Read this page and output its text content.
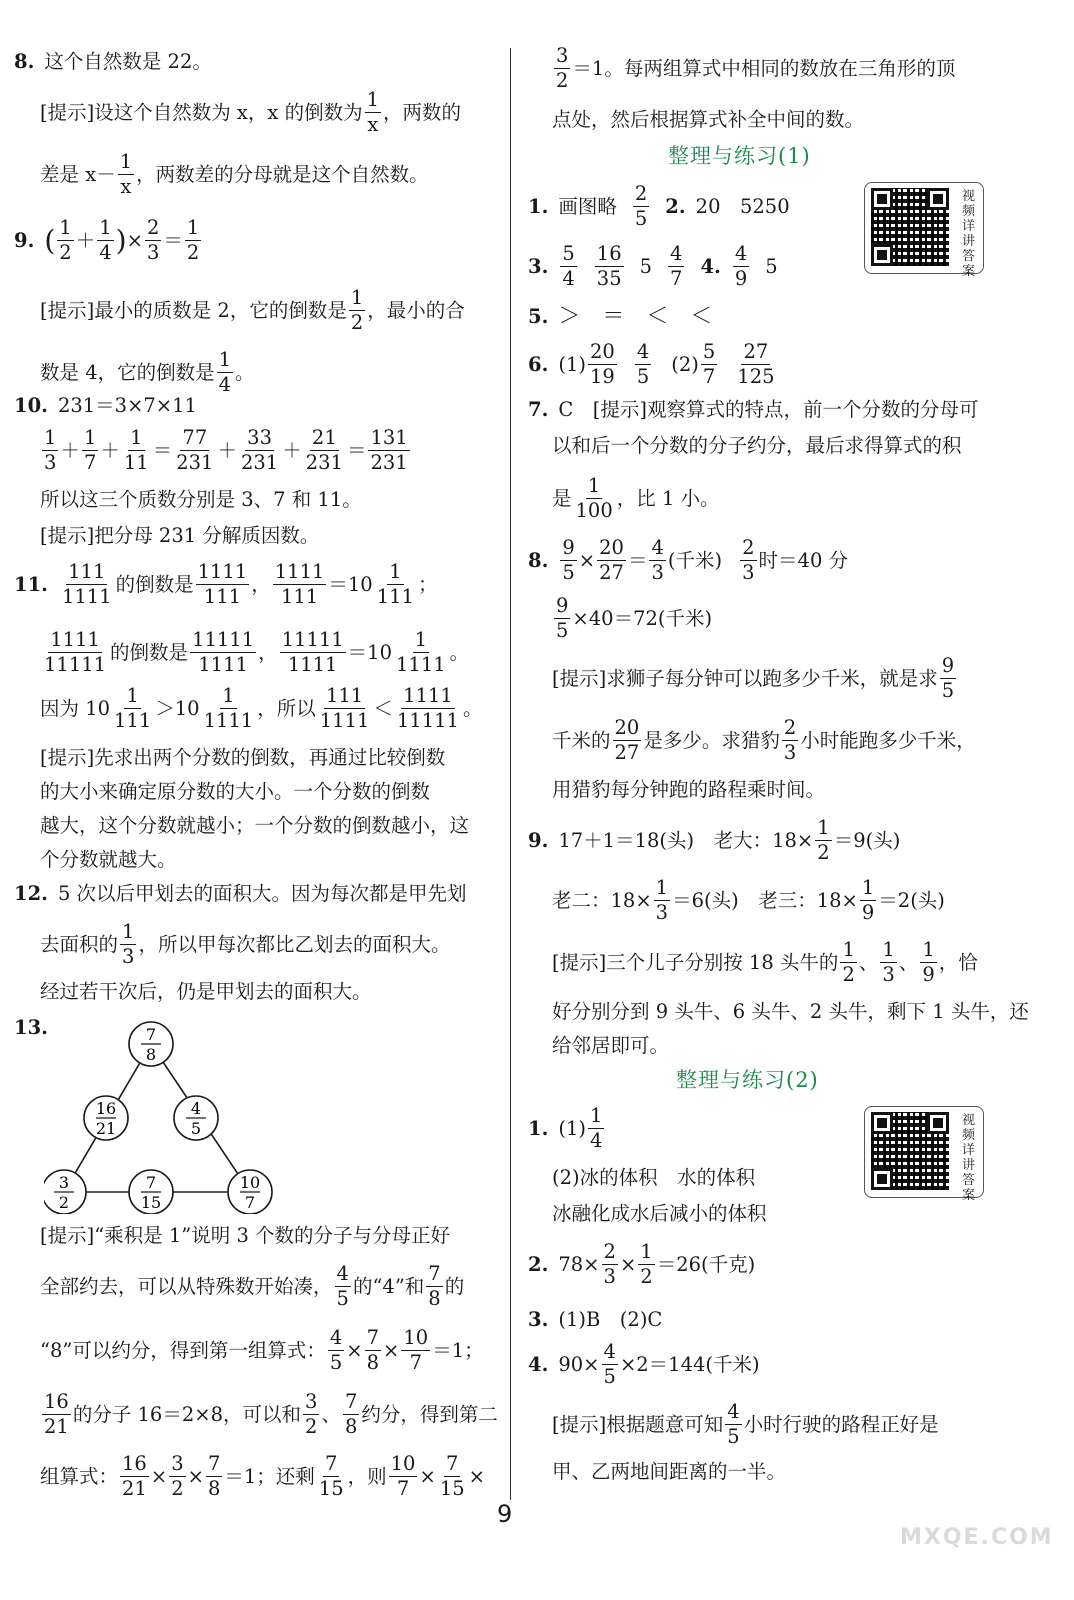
8. 这个自然数是 22。
[提示]设这个自然数为 x，x 的倒数为 $\frac{1}{x}$ ，两数的
差是 $x- \frac{1}{x}$ ，两数差的分母就是这个自然数。
9. ( $\frac{1}{2} + \frac{1}{4}$ ) × $\frac{2}{3} = \frac{1}{2}$
[提示]最小的质数是 2，它的倒数是 $\frac{1}{2}$ ，最小的合
数是 4，它的倒数是 $\frac{1}{4}$ 。
10. 231＝3×7×11
$\frac{1}{3} + \frac{1}{7} + \frac{1}{11} = \frac{77}{231} + \frac{33}{231} + \frac{21}{231} = \frac{131}{231}$
所以这三个质数分别是 3、7 和 11。
[提示]把分母 231 分解质因数。
11. $\frac{111}{1111}$ 的倒数是 $\frac{1111}{111}$ ， $\frac{1111}{111} =10 \frac{1}{111}$ ；
$\frac{1111}{11111}$ 的倒数是 $\frac{11111}{1111}$ ， $\frac{11111}{1111} =10 \frac{1}{1111}$ 。
因为 $10 \frac{1}{111} >10 \frac{1}{1111}$ ，所以 $\frac{111}{1111} < \frac{1111}{11111}$ 。
[提示]先求出两个分数的倒数，再通过比较倒数
的大小来确定原分数的大小。一个分数的倒数
越大，这个分数就越小；一个分数的倒数越小，这
个分数就越大。
12. 5 次以后甲划去的面积大。因为每次都是甲先划
去面积的 $\frac{1}{3}$ ，所以甲每次都比乙划去的面积大。
经过若干次后，仍是甲划去的面积大。
13.	7
8
16
21
4
5
3
2
7
15
10
7
[提示]“乘积是 1”说明 3 个数的分子与分母正好
全部约去，可以从特殊数开始凑， $\frac{4}{5}$ 的“4”和 $\frac{7}{8}$ 的
“8”可以约分，得到第一组算式： $\frac{4}{5} \times \frac{7}{8} \times \frac{10}{7} =1$；
$\frac{16}{21}$ 的分子 16＝2×8，可以和 $\frac{3}{2}$ 、 $\frac{7}{8}$ 约分，得到第二
组算式： $\frac{16}{21} \times \frac{3}{2} \times \frac{7}{8} =1$；还剩 $\frac{7}{15}$ ，则 $\frac{10}{7} \times \frac{7}{15}$ ×
$\frac{3}{2} =1$。每两组算式中相同的数放在三角形的顶
点处，然后根据算式补全中间的数。
整理与练习(1)
视频详讲答案
1. 画图略 $\frac{2}{5} 2$. 20　5250
3. $\frac{5}{4} \frac{16}{35} 5 \frac{4}{7} 4$. $\frac{4}{9} 5$
5. ＞　＝　＜　＜
6. $(1) \frac{20}{19} \frac{4}{5} (2) \frac{5}{7} \frac{27}{125}$
7. C　[提示]观察算式的特点，前一个分数的分母可
以和后一个分数的分子约分，最后求得算式的积
是 $\frac{1}{100}$ ，比 1 小。
8. $\frac{9}{5} \times \frac{20}{27} = \frac{4}{3}$ (千米) $\frac{2}{3}$ 时＝40 分
$\frac{9}{5} \times 40=72$(千米)
[提示]求狮子每分钟可以跑多少千米，就是求 $\frac{9}{5}$
千米的 $\frac{20}{27}$ 是多少。求猎豹 $\frac{2}{3}$ 小时能跑多少千米，
用猎豹每分钟跑的路程乘时间。
9. 17＋1＝18(头)　老大：$18\times \frac{1}{2} =9$(头)
老二：$18\times \frac{1}{3} =6$(头)　老三：$18\times \frac{1}{9} =2$(头)
[提示]三个儿子分别按 18 头牛的 $\frac{1}{2}$ 、 $\frac{1}{3}$ 、 $\frac{1}{9}$ ，恰
好分别分到 9 头牛、6 头牛、2 头牛，剩下 1 头牛，还
给邻居即可。
整理与练习(2)
视频详讲答案
1. $(1) \frac{1}{4}$
(2)冰的体积　水的体积
冰融化成水后减小的体积
2. $78\times \frac{2}{3} \times \frac{1}{2} =26$(千克)
3. (1)B　(2)C
4. $90\times \frac{4}{5} \times 2=144$(千米)
[提示]根据题意可知 $\frac{4}{5}$ 小时行驶的路程正好是
甲、乙两地间距离的一半。
9
MXQE.COM
